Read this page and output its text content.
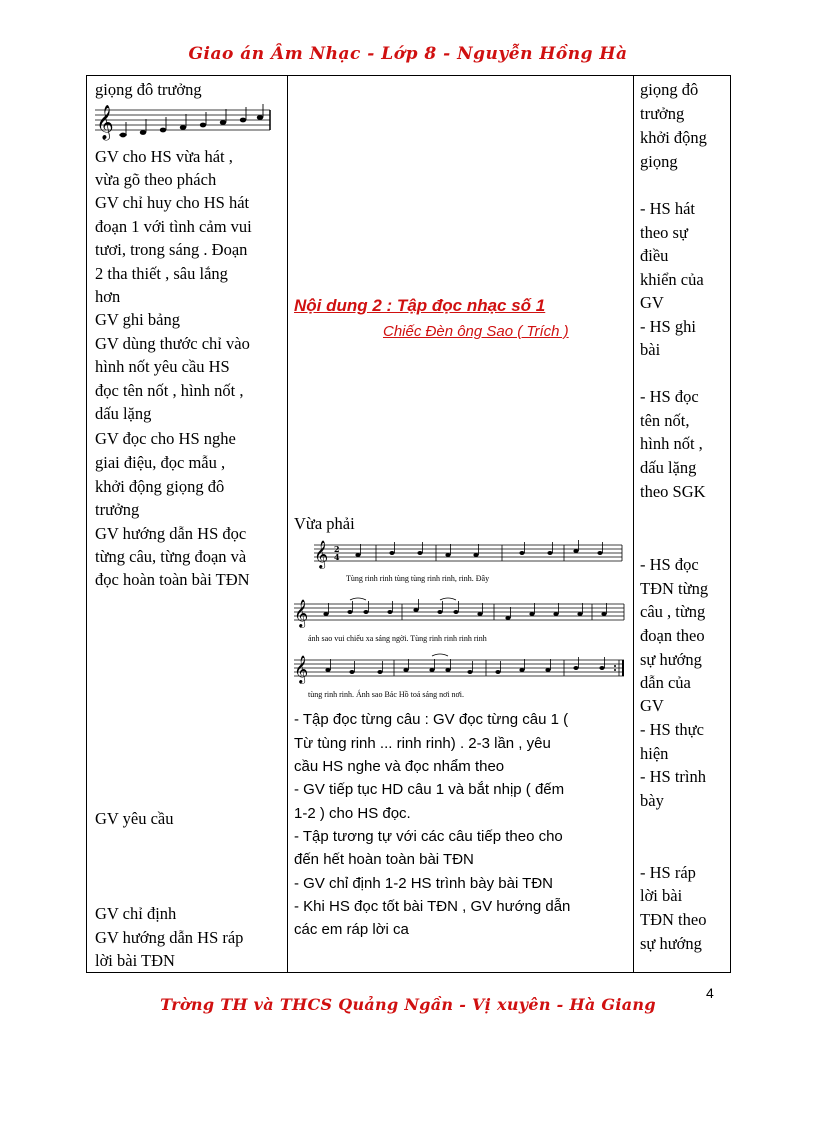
Giao án Âm Nhạc - Lớp 8 - Nguyễn Hồng Hà
giọng đô trưởng
𝄞
GV cho HS vừa hát ,
vừa gõ theo phách
GV chỉ huy cho HS hát
đoạn 1 với tình cảm vui
tươi, trong sáng . Đoạn
2 tha thiết , sâu lắng
hơn
GV ghi bảng
GV dùng thước chỉ vào
hình nốt yêu cầu HS
đọc tên nốt , hình nốt ,
dấu lặng
GV đọc cho HS nghe
giai điệu, đọc mẫu ,
khởi động giọng đô
trưởng
GV hướng dẫn HS đọc
từng câu, từng đoạn và
đọc hoàn toàn bài TĐN
GV yêu cầu
GV chỉ định
GV hướng dẫn HS ráp
lời bài TĐN

Nội dung 2 : Tập đọc nhạc số 1
Chiếc Đèn ông Sao ( Trích )
Vừa phải
𝄞 2
4
Tùng rinh rinh tùng tùng rinh rinh, rinh. Đây
𝄞
ánh sao vui chiếu xa sáng ngời. Tùng rinh rinh rinh rinh
𝄞
tùng rinh rinh. Ánh sao Bác Hồ toả sáng nơi nơi.
- Tập đọc từng câu : GV đọc từng câu 1 (
Từ tùng rinh ... rinh rinh) . 2-3 lần , yêu
cầu HS nghe và đọc nhẩm theo
- GV tiếp tục HD câu 1 và bắt nhịp ( đếm
1-2 ) cho HS đọc.
- Tập tương tự với các câu tiếp theo cho
đến hết hoàn toàn bài TĐN
- GV chỉ định 1-2 HS trình bày bài TĐN
- Khi HS đọc tốt bài TĐN , GV hướng dẫn
các em ráp lời ca

giọng đô
trưởng
khởi động
giọng
- HS hát
theo sự
điều
khiển của
GV
- HS ghi
bài
- HS đọc
tên nốt,
hình nốt ,
dấu lặng
theo SGK
- HS đọc
TĐN từng
câu , từng
đoạn theo
sự hướng
dẫn của
GV
- HS thực
hiện
- HS trình
bày
- HS ráp
lời bài
TĐN theo
sự hướng
4
Trờng TH và THCS Quảng Ngần - Vị xuyên - Hà Giang
